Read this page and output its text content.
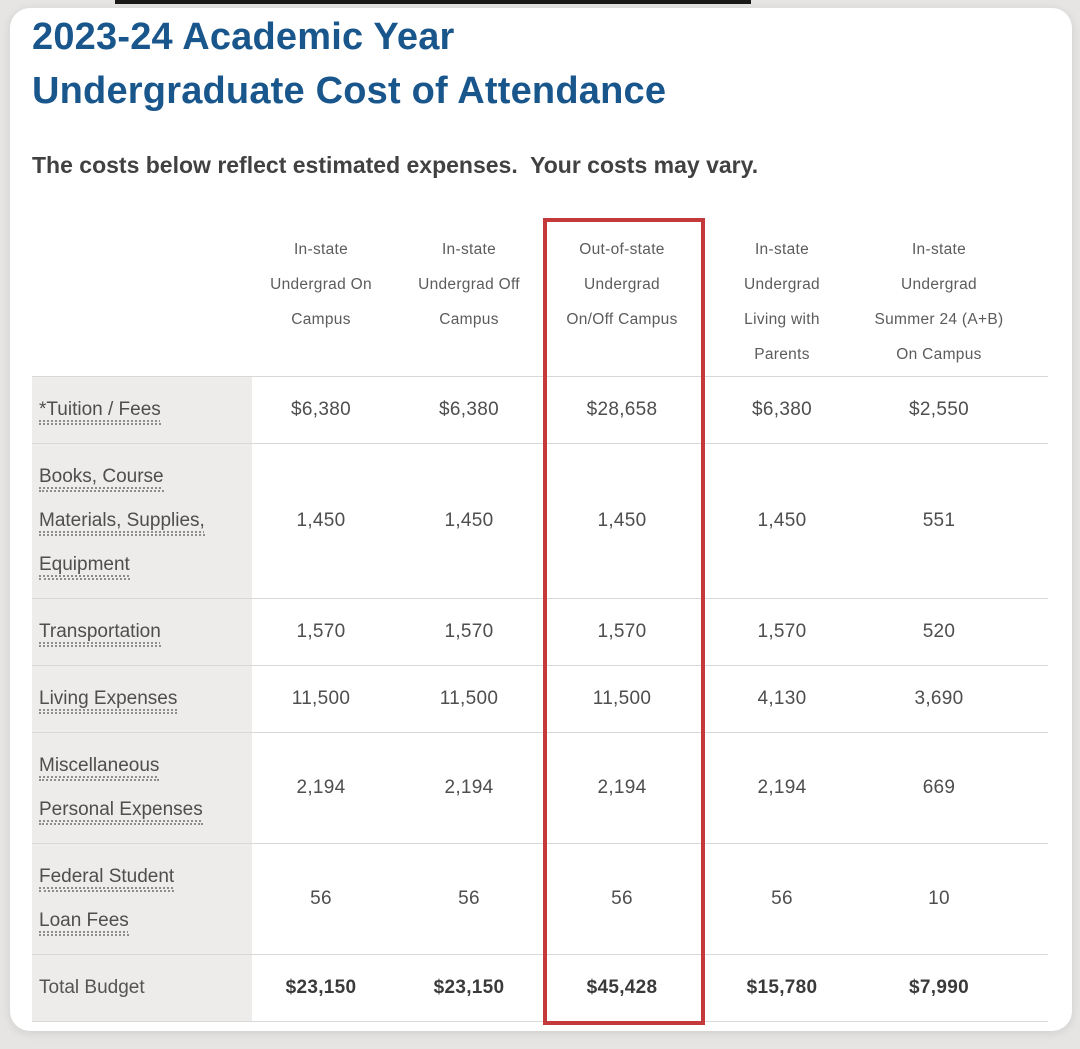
2023-24 Academic Year
Undergraduate Cost of Attendance

The costs below reflect estimated expenses.  Your costs may vary.

In-state
Undergrad On
Campus

In-state
Undergrad Off
Campus

Out-of-state
Undergrad
On/Off Campus

In-state
Undergrad
Living with
Parents

In-state
Undergrad
Summer 24 (A+B)
On Campus

*Tuition / Fees	$6,380	$6,380	$28,658	$6,380	$2,550	

Books, Course Materials, Supplies, Equipment	1,450	1,450	1,450	1,450	551	

Transportation	1,570	1,570	1,570	1,570	520	

Living Expenses	11,500	11,500	11,500	4,130	3,690	

Miscellaneous Personal Expenses	2,194	2,194	2,194	2,194	669	

Federal Student Loan Fees	56	56	56	56	10	

Total Budget	$23,150	$23,150	$45,428	$15,780	$7,990	
